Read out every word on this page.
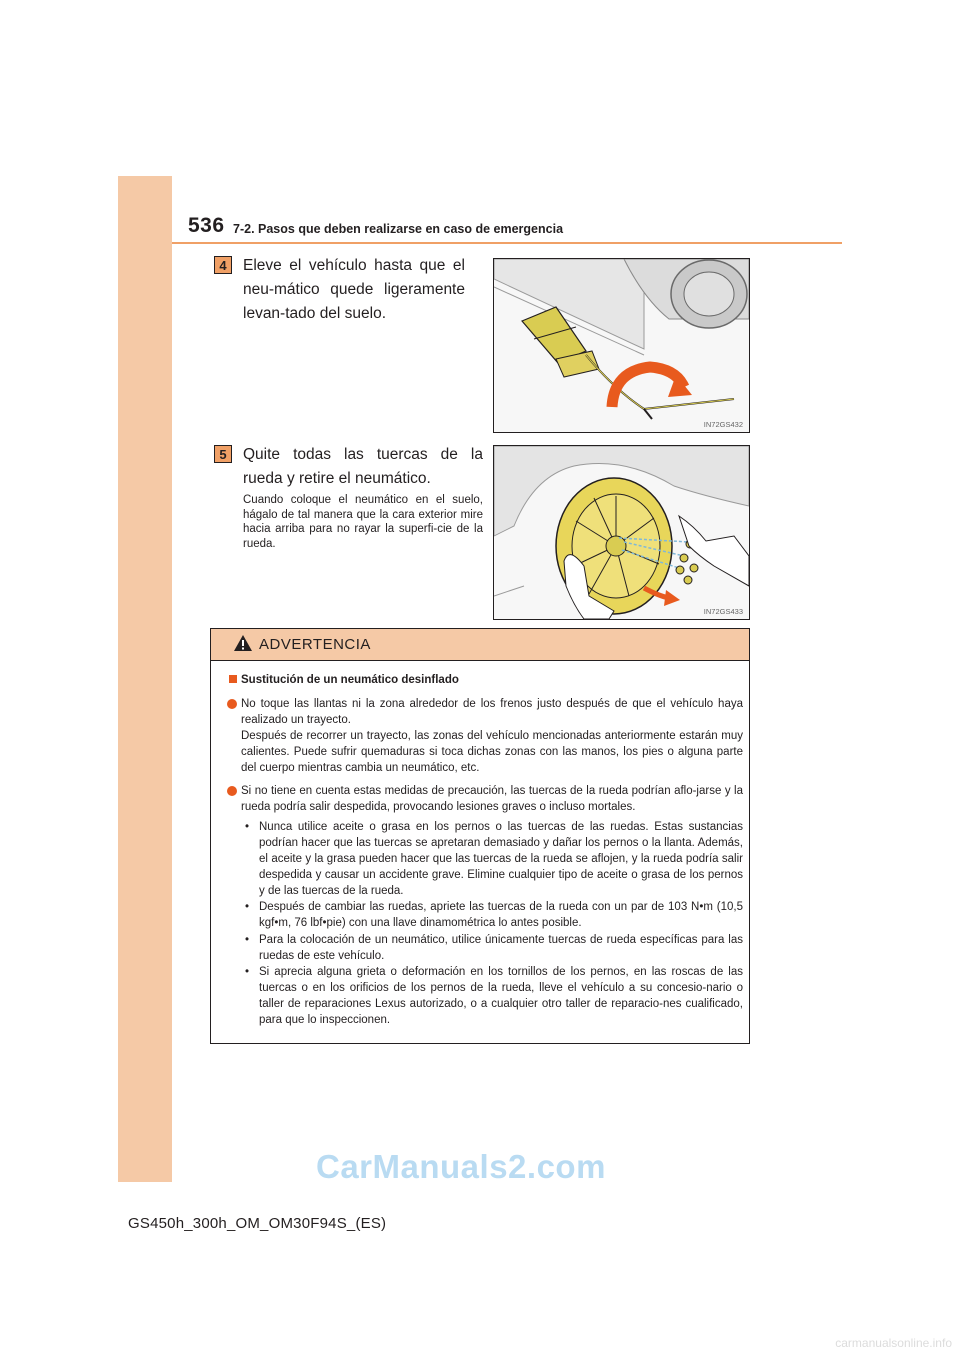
536 7-2. Pasos que deben realizarse en caso de emergencia
4	Eleve el vehículo hasta que el neu-mático quede ligeramente levan-tado del suelo.
IN72GS432
5	Quite todas las tuercas de la rueda y retire el neumático.
Cuando coloque el neumático en el suelo, hágalo de tal manera que la cara exterior mire hacia arriba para no rayar la superfi-cie de la rueda.
IN72GS433
ADVERTENCIA
Sustitución de un neumático desinflado

No toque las llantas ni la zona alrededor de los frenos justo después de que el vehículo haya realizado un trayecto.

Después de recorrer un trayecto, las zonas del vehículo mencionadas anteriormente estarán muy calientes. Puede sufrir quemaduras si toca dichas zonas con las manos, los pies o alguna parte del cuerpo mientras cambia un neumático, etc.

Si no tiene en cuenta estas medidas de precaución, las tuercas de la rueda podrían aflo-jarse y la rueda podría salir despedida, provocando lesiones graves o incluso mortales.

• Nunca utilice aceite o grasa en los pernos o las tuercas de las ruedas. Estas sustancias podrían hacer que las tuercas se apretaran demasiado y dañar los pernos o la llanta. Además, el aceite y la grasa pueden hacer que las tuercas de la rueda se aflojen, y la rueda podría salir despedida y causar un accidente grave. Elimine cualquier tipo de aceite o grasa de los pernos y de las tuercas de la rueda.
• Después de cambiar las ruedas, apriete las tuercas de la rueda con un par de 103 N•m (10,5 kgf•m, 76 lbf•pie) con una llave dinamométrica lo antes posible.
• Para la colocación de un neumático, utilice únicamente tuercas de rueda específicas para las ruedas de este vehículo.
• Si aprecia alguna grieta o deformación en los tornillos de los pernos, en las roscas de las tuercas o en los orificios de los pernos de la rueda, lleve el vehículo a su concesio-nario o taller de reparaciones Lexus autorizado, o a cualquier otro taller de reparacio-nes cualificado, para que lo inspeccionen.
CarManuals2.com
GS450h_300h_OM_OM30F94S_(ES)
carmanualsonline.info
